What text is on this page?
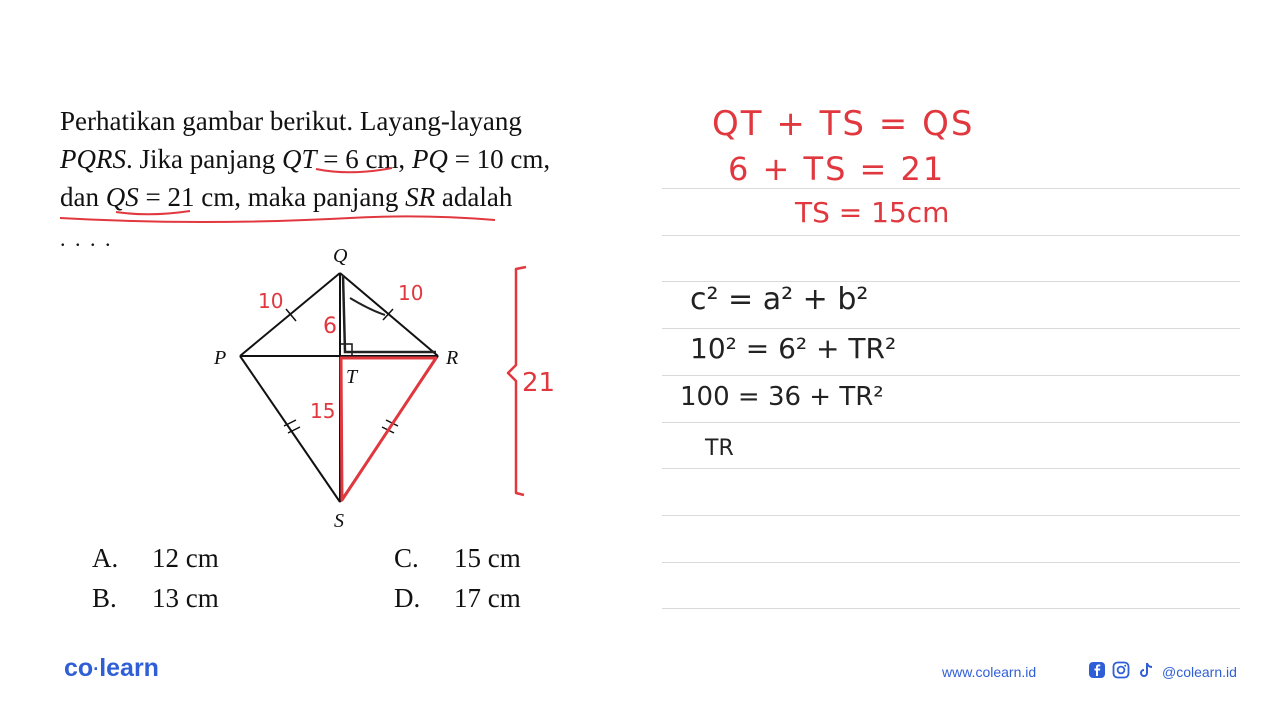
Perhatikan gambar berikut. Layang-layang
PQRS. Jika panjang QT = 6 cm, PQ = 10 cm,
dan QS = 21 cm, maka panjang SR adalah
. . . .
Q
P	R
T
S
10	10
6
15
21
A. 12 cm
B. 13 cm
C. 15 cm
D. 17 cm
QT + TS = QS
6 + TS = 21
TS = 15cm
c² = a² + b²
10² = 6² + TR²
100 = 36 + TR²
TR
co·learn	www.colearn.id	@colearn.id
